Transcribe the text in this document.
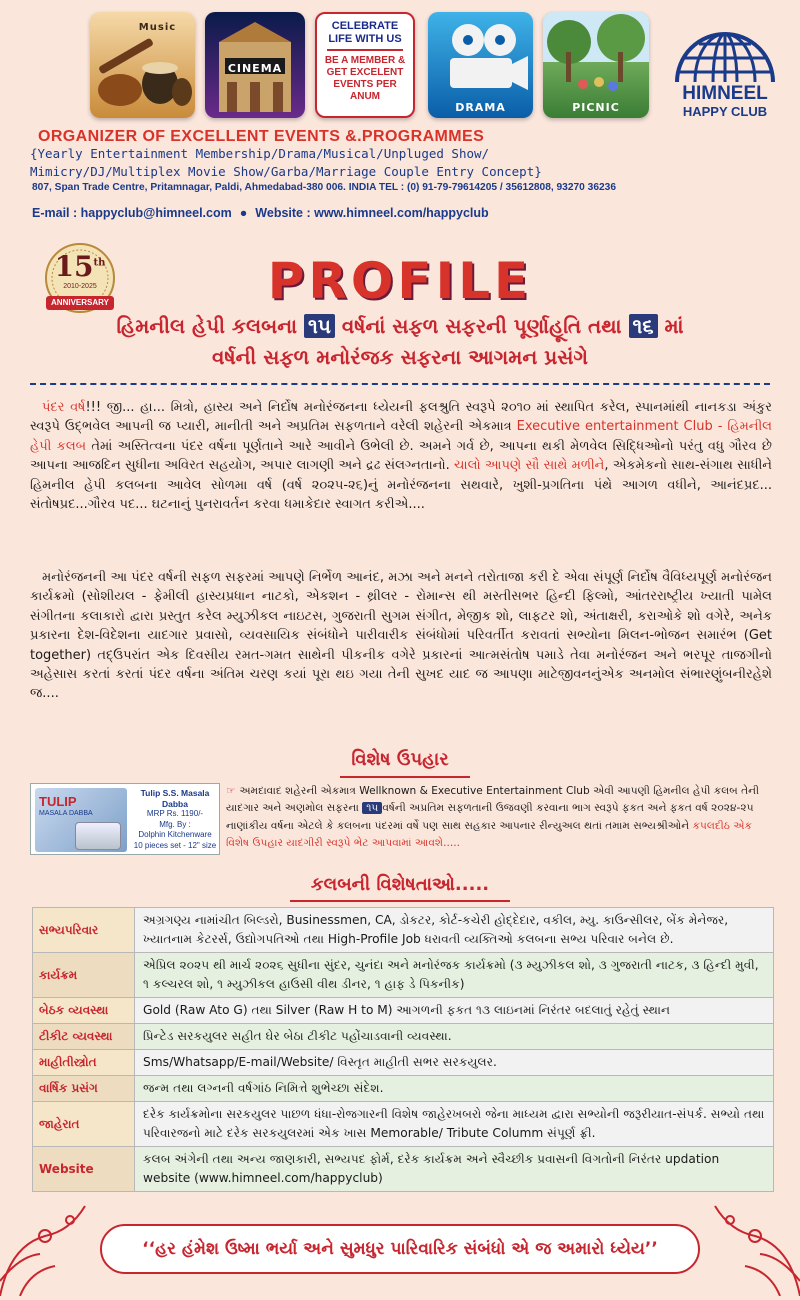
Music
CINEMA
CELEBRATE LIFE WITH US
BE A MEMBER & GET EXCELENT EVENTS PER ANUM
DRAMA	PICNIC
HIMNEEL
HAPPY CLUB
ORGANIZER OF EXCELLENT EVENTS &.PROGRAMMES
{Yearly Entertainment Membership/Drama/Musical/Unpluged Show/
Mimicry/DJ/Multiplex Movie Show/Garba/Marriage Couple Entry Concept}
807, Span Trade Centre, Pritamnagar, Paldi, Ahmedabad-380 006. INDIA TEL : (0) 91-79-79614205 / 35612808, 93270 36236
E-mail : happyclub@himneel.com ● Website : www.himneel.com/happyclub
15th
2010-2025
ANNIVERSARY	PROFILE
હિમનીલ હેપી કલબના ૧૫ વર્ષનાં સફળ સફરની પૂર્ણાહૂતિ તથા ૧૬ માં
વર્ષની સફળ મનોરંજક સફરના આગમન પ્રસંગે
પંદર વર્ષ!!! જી... હા... મિત્રો, હાસ્ય અને નિર્દોષ મનોરંજનના ધ્યેયની ફલશ્રુતિ સ્વરૂપે ૨૦૧૦ માં સ્થાપિત કરેલ, સ્પાનમાંથી નાનકડા અંકુર સ્વરૂપે ઉદ્ભવેલ આપની જ પ્યારી, માનીતી અને અપ્રતિમ સફળતાને વરેલી શહેરની એકમાત્ર Executive entertainment Club - હિમનીલ હેપી કલબ તેમાં અસ્તિત્વના પંદર વર્ષના પૂર્ણતાને આરે આવીને ઉભેલી છે. અમને ગર્વ છે, આપના થકી મેળવેલ સિદ્ધિઓનો પરંતુ વધુ ગૌરવ છે આપના આજદિન સુધીના અવિરત સહયોગ, અપાર લાગણી અને દ્રઢ સંલગ્નતાનો. ચાલો આપણે સૌ સાથે મળીને, એકમેકનો સાથ-સંગાથ સાધીને હિમનીલ હેપી કલબના આવેલ સોળમા વર્ષ (વર્ષ ૨૦૨૫-૨૬)નું મનોરંજનના સથવારે, ખુશી-પ્રગતિના પંથે આગળ વધીને, આનંદપ્રદ... સંતોષપ્રદ...ગૌરવ પદ... ઘટનાનું પુનરાવર્તન કરવા ધમાકેદાર સ્વાગત કરીએ....
મનોરંજનની આ પંદર વર્ષની સફળ સફરમાં આપણે નિર્ભેળ આનંદ, મઝા અને મનને તરોતાજા કરી દે એવા સંપૂર્ણ નિર્દોષ વૈવિધ્યપૂર્ણ મનોરંજન કાર્યક્રમો (સોશીયલ - ફેમીલી હાસ્યપ્રધાન નાટકો, એકશન - થ્રીલર - રોમાન્સ થી મસ્તીસભર હિન્દી ફિલ્મો, આંતરરાષ્ટ્રીય ખ્યાતી પામેલ સંગીતના કલાકારો દ્વારા પ્રસ્તુત કરેલ મ્યુઝીકલ નાઇટસ, ગુજરાતી સુગમ સંગીત, મેજીક શો, લાફટર શો, અંતાક્ષરી, કરાઓકે શો વગેરે, અનેક પ્રકારના દેશ-વિદેશના યાદગાર પ્રવાસો, વ્યવસાયિક સંબંધોને પારીવારીક સંબંધોમાં પરિવર્તીત કરાવતાં સભ્યોના મિલન-ભોજન સમારંભ (Get together) તદ્ઉપરાંત એક દિવસીય રમત-ગમત સાથેની પીકનીક વગેરે પ્રકારનાં આત્મસંતોષ પમાડે તેવા મનોરંજન અને ભરપૂર તાજગીનો અહેસાસ કરતાં કરતાં પંદર વર્ષના અંતિમ ચરણ કયાં પૂરા થઇ ગયા તેની સુખદ યાદ જ આપણા માટેજીવનનુંએક અનમોલ સંભારણુંબનીરહેશે જ....
વિશેષ ઉપહાર
TULIP
MASALA DABBA
Tulip S.S. Masala Dabba
MRP Rs. 1190/-
Mfg. By :
Dolphin Kitchenware
10 pieces set - 12" size
☞ અમદાવાદ શહેરની એકમાત્ર Wellknown & Executive Entertainment Club એવી આપણી હિમનીલ હેપી કલબ તેની યાદગાર અને અણમોલ સફરના ૧૫ વર્ષની અપ્રતિમ સફળતાની ઉજવણી કરવાના ભાગ સ્વરૂપે ફકત અને ફકત વર્ષ ૨૦૨૪-૨૫ નાણાંકીય વર્ષના એટલે કે કલબના પંદરમાં વર્ષે પણ સાથ સહકાર આપનાર રીન્યુઅલ થતાં તમામ સભ્યશ્રીઓને કપલદીઠ એક વિશેષ ઉપહાર યાદગીરી સ્વરૂપે ભેટ આપવામાં આવશે.....
કલબની વિશેષતાઓ.....
સભ્યપરિવાર	અગ્રગણ્ય નામાંચીત બિલ્ડરો, Businessmen, CA, ડોકટર, કોર્ટ-કચેરી હોદ્દેદાર, વકીલ, મ્યુ. કાઉન્સીલર, બેંક મેનેજર, ખ્યાતનામ કેટરર્સ, ઉદ્યોગપતિઓ તથા High-Profile Job ધરાવતી વ્યક્તિઓ કલબના સભ્ય પરિવાર બનેલ છે.
કાર્યક્રમ	એપ્રિલ ૨૦૨૫ થી માર્ચ ૨૦૨૬ સુધીના સુંદર, ચુનંદા અને મનોરંજક કાર્યક્રમો (૩ મ્યુઝીકલ શો, ૩ ગુજરાતી નાટક, ૩ હિન્દી મુવી, ૧ કલ્ચરલ શો, ૧ મ્યુઝીકલ હાઉસી વીથ ડીનર, ૧ હાફ ડે પિકનીક)
બેઠક વ્યવસ્થા	Gold (Raw Ato G) તથા Silver (Raw H to M) આગળની ફકત ૧૩ લાઇનમાં નિરંતર બદલાતું રહેતું સ્થાન
ટીકીટ વ્યવસ્થા	પ્રિન્ટેડ સરકયુલર સહીત ઘેર બેઠા ટીકીટ પહોંચાડવાની વ્યવસ્થા.
માહીતીસ્ત્રોત	Sms/Whatsapp/E-mail/Website/ વિસ્તૃત માહીતી સભર સરકયુલર.
વાર્ષિક પ્રસંગ	જન્મ તથા લગ્નની વર્ષગાંઠ નિમિત્તે શુભેચ્છા સંદેશ.
જાહેરાત	દરેક કાર્યક્રમોના સરકયુલર પાછળ ધંધા-રોજગારની વિશેષ જાહેરખબરો જેના માધ્યમ દ્વારા સભ્યોની જરૂરીયાત-સંપર્ક. સભ્યો તથા પરિવારજનો માટે દરેક સરકયુલરમાં એક ખાસ Memorable/ Tribute Columm સંપૂર્ણ ફ્રી.
Website	કલબ અંગેની તથા અન્ય જાણકારી, સભ્યપદ ફોર્મ, દરેક કાર્યક્રમ અને સ્વૈચ્છીક પ્રવાસની વિગતોની નિરંતર updation website (www.himneel.com/happyclub)
‘‘હર હંમેશ ઉષ્મા ભર્યા અને સુમધુર પારિવારિક સંબંધો એ જ અમારો ધ્યેય’’
